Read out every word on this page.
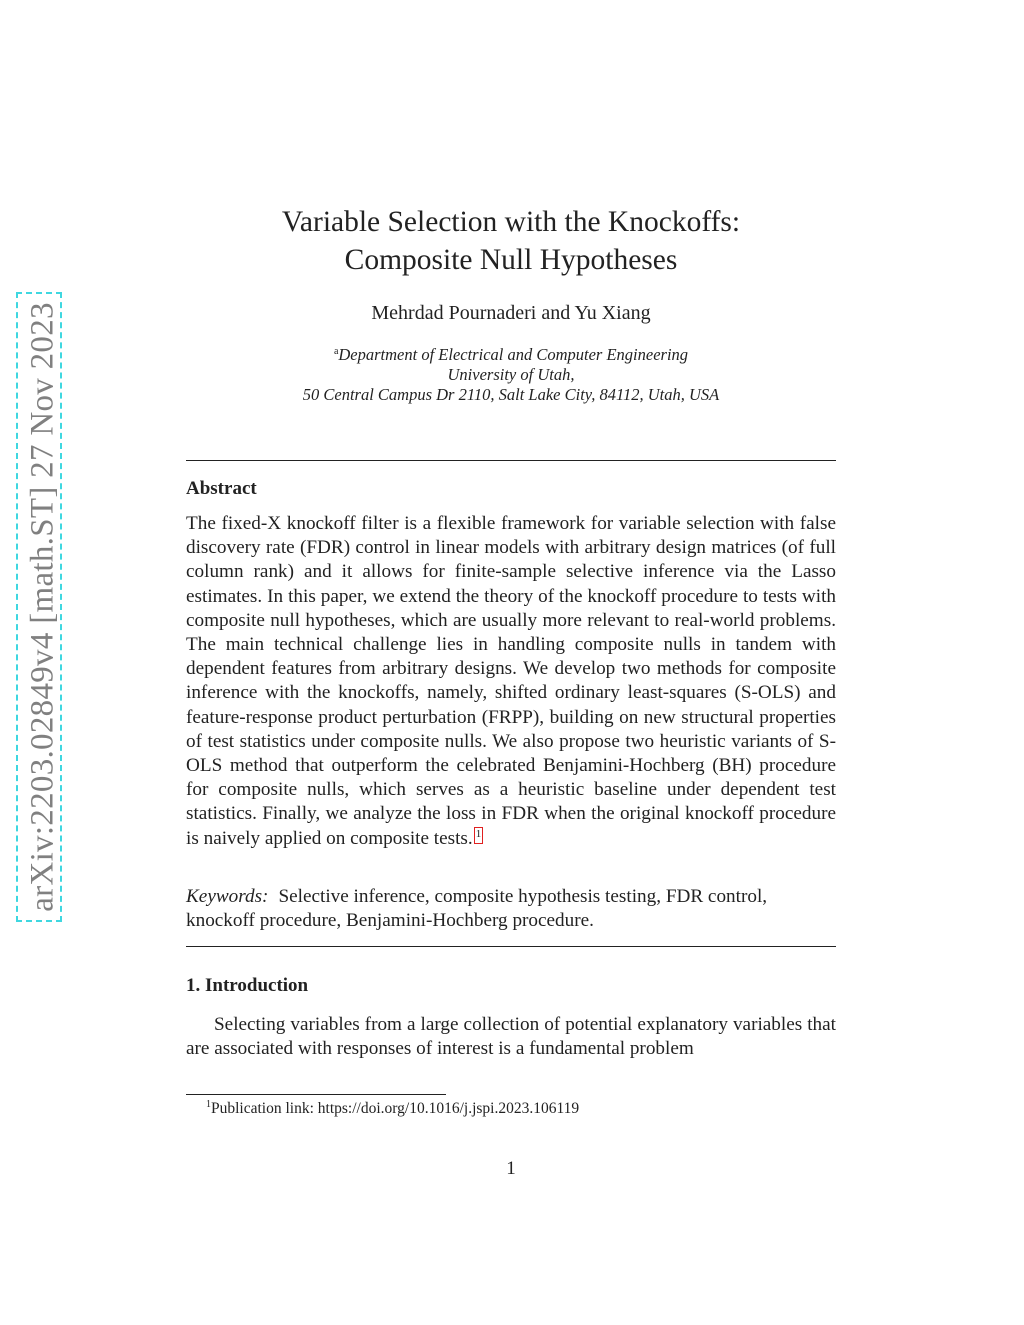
arXiv:2203.02849v4 [math.ST] 27 Nov 2023
Variable Selection with the Knockoffs:
Composite Null Hypotheses
Mehrdad Pournaderi and Yu Xiang
$^a$Department of Electrical and Computer Engineering
University of Utah,
50 Central Campus Dr 2110, Salt Lake City, 84112, Utah, USA
Abstract

The fixed-X knockoff filter is a flexible framework for variable selection with false discovery rate (FDR) control in linear models with arbitrary design matrices (of full column rank) and it allows for finite-sample selective inference via the Lasso estimates. In this paper, we extend the theory of the knockoff procedure to tests with composite null hypotheses, which are usually more relevant to real-world problems. The main technical challenge lies in handling composite nulls in tandem with dependent features from arbitrary designs. We develop two methods for composite inference with the knockoffs, namely, shifted ordinary least-squares (S-OLS) and feature-response product perturbation (FRPP), building on new structural properties of test statistics under composite nulls. We also propose two heuristic variants of S-OLS method that outperform the celebrated Benjamini-Hochberg (BH) procedure for composite nulls, which serves as a heuristic baseline under dependent test statistics. Finally, we analyze the loss in FDR when the original knockoff procedure is naively applied on composite tests. 1

Keywords: Selective inference, composite hypothesis testing, FDR control, knockoff procedure, Benjamini-Hochberg procedure.

1. Introduction

Selecting variables from a large collection of potential explanatory variables that are associated with responses of interest is a fundamental problem

$^1$Publication link: https://doi.org/10.1016/j.jspi.2023.106119
1
